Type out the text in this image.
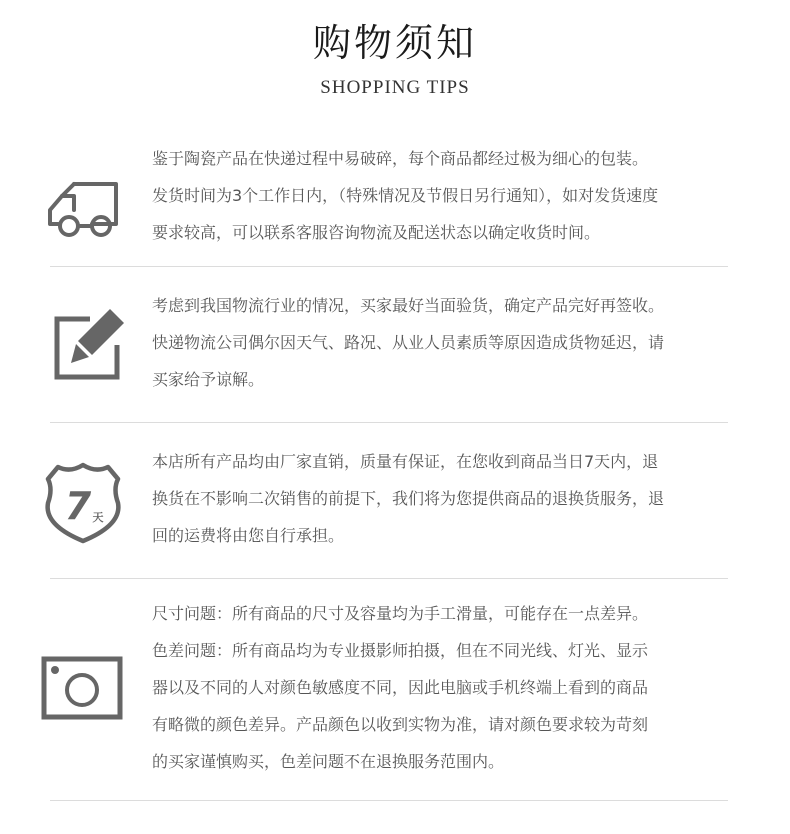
购物须知
SHOPPING TIPS

鉴于陶瓷产品在快递过程中易破碎，每个商品都经过极为细心的包装。

发货时间为3个工作日内，（特殊情况及节假日另行通知），如对发货速度

要求较高，可以联系客服咨询物流及配送状态以确定收货时间。

考虑到我国物流行业的情况，买家最好当面验货，确定产品完好再签收。

快递物流公司偶尔因天气、路况、从业人员素质等原因造成货物延迟，请

买家给予谅解。

7 天

本店所有产品均由厂家直销，质量有保证，在您收到商品当日7天内，退

换货在不影响二次销售的前提下，我们将为您提供商品的退换货服务，退

回的运费将由您自行承担。

尺寸问题：所有商品的尺寸及容量均为手工滑量，可能存在一点差异。

色差问题：所有商品均为专业摄影师拍摄，但在不同光线、灯光、显示

器以及不同的人对颜色敏感度不同，因此电脑或手机终端上看到的商品

有略微的颜色差异。产品颜色以收到实物为准，请对颜色要求较为苛刻

的买家谨慎购买，色差问题不在退换服务范围内。
